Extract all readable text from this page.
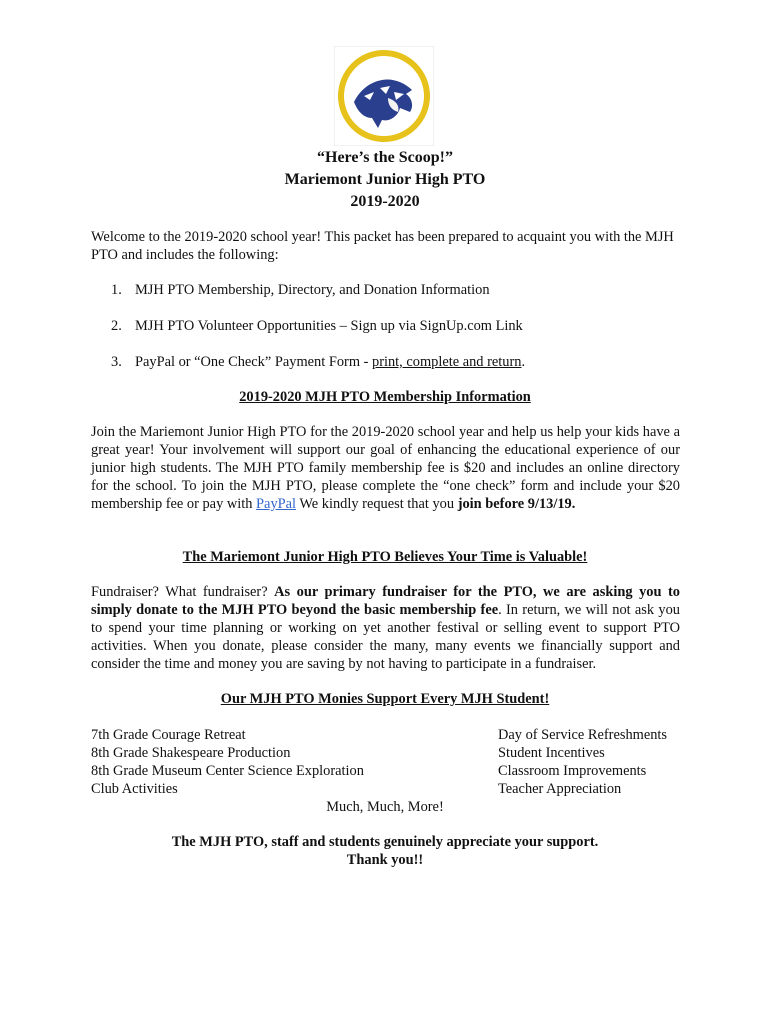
“Here’s the Scoop!”
Mariemont Junior High PTO
2019-2020
Welcome to the 2019-2020 school year! This packet has been prepared to acquaint you with the MJH PTO and includes the following:
1. MJH PTO Membership, Directory, and Donation Information
2. MJH PTO Volunteer Opportunities – Sign up via SignUp.com Link
3. PayPal or “One Check” Payment Form - print, complete and return.
2019-2020 MJH PTO Membership Information
Join the Mariemont Junior High PTO for the 2019-2020 school year and help us help your kids have a great year! Your involvement will support our goal of enhancing the educational experience of our junior high students. The MJH PTO family membership fee is $20 and includes an online directory for the school. To join the MJH PTO, please complete the “one check” form and include your $20 membership fee or pay with PayPal We kindly request that you join before 9/13/19.
The Mariemont Junior High PTO Believes Your Time is Valuable!
Fundraiser? What fundraiser? As our primary fundraiser for the PTO, we are asking you to simply donate to the MJH PTO beyond the basic membership fee. In return, we will not ask you to spend your time planning or working on yet another festival or selling event to support PTO activities. When you donate, please consider the many, many events we financially support and consider the time and money you are saving by not having to participate in a fundraiser.
Our MJH PTO Monies Support Every MJH Student!
7th Grade Courage Retreat
8th Grade Shakespeare Production
8th Grade Museum Center Science Exploration
Club Activities
Day of Service Refreshments
Student Incentives
Classroom Improvements
Teacher Appreciation
Much, Much, More!
The MJH PTO, staff and students genuinely appreciate your support.
Thank you!!
